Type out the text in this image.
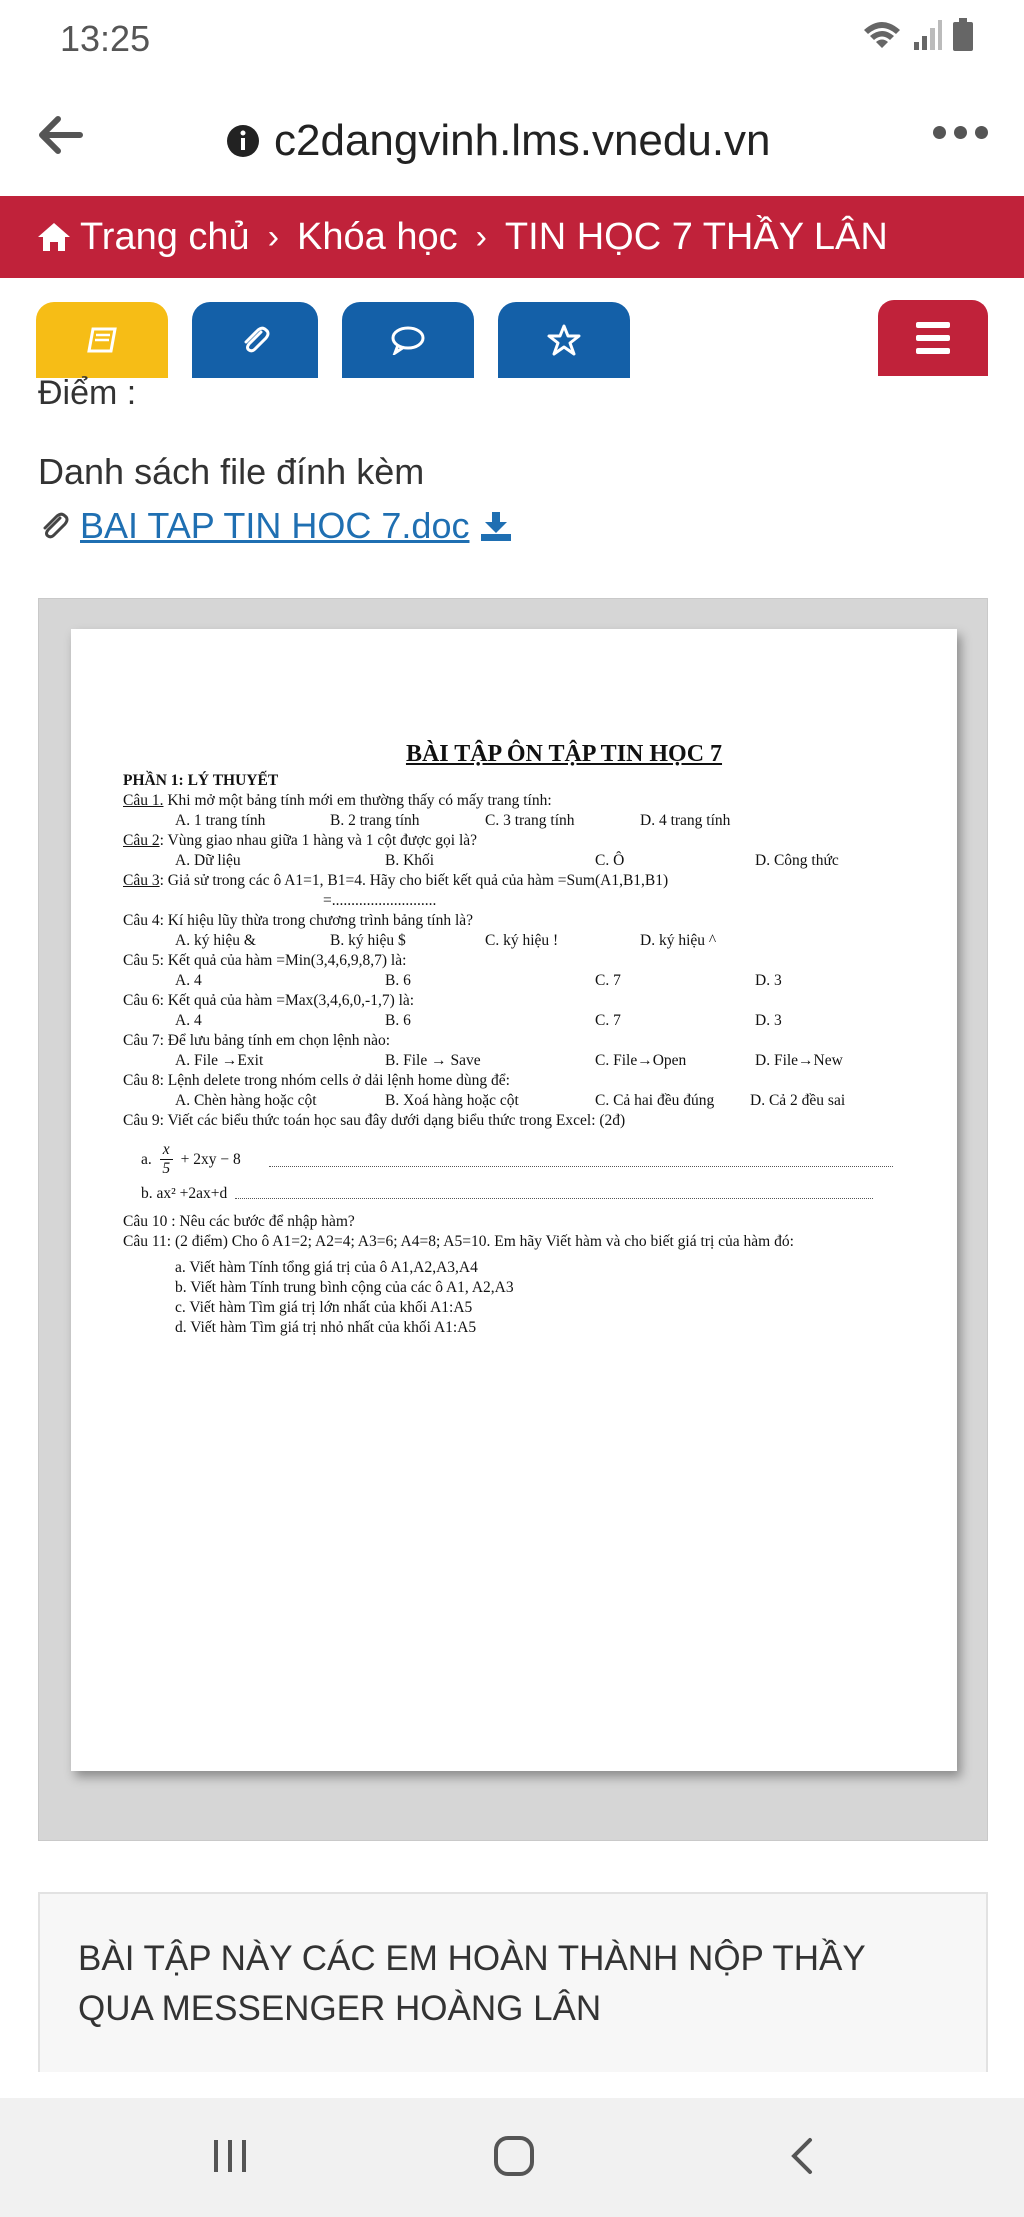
13:25
c2dangvinh.lms.vnedu.vn
Trang chủ › Khóa học › TIN HỌC 7 THẦY LÂN
Điểm :
Danh sách file đính kèm
BAI TAP TIN HOC 7.doc
BÀI TẬP ÔN TẬP TIN HỌC 7
PHẦN 1: LÝ THUYẾT
Câu 1. Khi mở một bảng tính mới em thường thấy có mấy trang tính:
A. 1 trang tính	B. 2 trang tính	C. 3 trang tính	D. 4 trang tính
Câu 2: Vùng giao nhau giữa 1 hàng và 1 cột được gọi là?
A. Dữ liệu	B. Khối	C. Ô	D. Công thức
Câu 3: Giả sử trong các ô A1=1, B1=4. Hãy cho biết kết quả của hàm =Sum(A1,B1,B1)
=...........................
Câu 4: Kí hiệu lũy thừa trong chương trình bảng tính là?
A. ký hiệu &	B. ký hiệu $	C. ký hiệu !	D. ký hiệu ^
Câu 5: Kết quả của hàm =Min(3,4,6,9,8,7) là:
A. 4	B. 6	C. 7	D. 3
Câu 6: Kết quả của hàm =Max(3,4,6,0,-1,7) là:
A. 4	B. 6	C. 7	D. 3
Câu 7: Để lưu bảng tính em chọn lệnh nào:
A. File →Exit	B. File → Save	C. File→Open	D. File→New
Câu 8: Lệnh delete trong nhóm cells ở dải lệnh home dùng để:
A. Chèn hàng hoặc cột	B. Xoá hàng hoặc cột	C. Cả hai đều đúng	D. Cả 2 đều sai
Câu 9: Viết các biểu thức toán học sau đây dưới dạng biểu thức trong Excel: (2đ)
a.
x
5
+ 2xy − 8
b. ax² +2ax+d
Câu 10 : Nêu các bước để nhập hàm?
Câu 11: (2 điểm) Cho ô A1=2; A2=4; A3=6; A4=8; A5=10. Em hãy Viết hàm và cho biết giá trị của hàm đó:
a. Viết hàm Tính tổng giá trị của ô A1,A2,A3,A4
b. Viết hàm Tính trung bình cộng của các ô A1, A2,A3
c. Viết hàm Tìm giá trị lớn nhất của khối A1:A5
d. Viết hàm Tìm giá trị nhỏ nhất của khối A1:A5
BÀI TẬP NÀY CÁC EM HOÀN THÀNH NỘP THẦY QUA MESSENGER HOÀNG LÂN
